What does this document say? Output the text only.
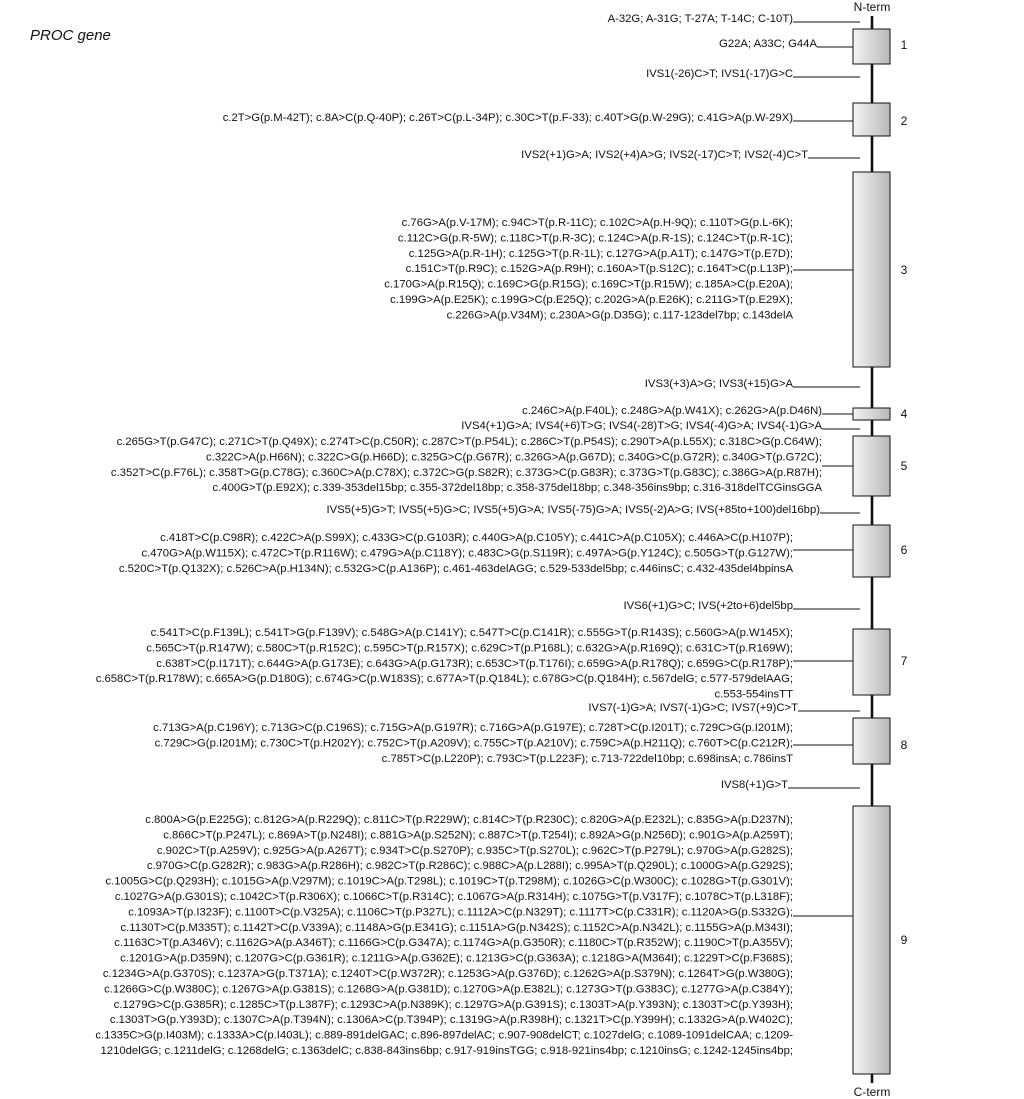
PROC gene
N-term
C-term
1
2
3
4
5
6
7
8
9
A-32G; A-31G; T-27A; T-14C; C-10T)
G22A; A33C; G44A
IVS1(-26)C>T; IVS1(-17)G>C
c.2T>G(p.M-42T); c.8A>C(p.Q-40P); c.26T>C(p.L-34P); c.30C>T(p.F-33); c.40T>G(p.W-29G); c.41G>A(p.W-29X)
IVS2(+1)G>A; IVS2(+4)A>G; IVS2(-17)C>T; IVS2(-4)C>T
c.76G>A(p.V-17M); c.94C>T(p.R-11C); c.102C>A(p.H-9Q); c.110T>G(p.L-6K);
c.112C>G(p.R-5W); c.118C>T(p.R-3C); c.124C>A(p.R-1S); c.124C>T(p.R-1C);
c.125G>A(p.R-1H); c.125G>T(p.R-1L); c.127G>A(p.A1T); c.147G>T(p.E7D);
c.151C>T(p.R9C); c.152G>A(p.R9H); c.160A>T(p.S12C); c.164T>C(p.L13P);
c.170G>A(p.R15Q); c.169C>G(p.R15G); c.169C>T(p.R15W); c.185A>C(p.E20A);
c.199G>A(p.E25K); c.199G>C(p.E25Q); c.202G>A(p.E26K); c.211G>T(p.E29X);
c.226G>A(p.V34M); c.230A>G(p.D35G); c.117-123del7bp; c.143delA
IVS3(+3)A>G; IVS3(+15)G>A
c.246C>A(p.F40L); c.248G>A(p.W41X); c.262G>A(p.D46N)
IVS4(+1)G>A; IVS4(+6)T>G; IVS4(-28)T>G; IVS4(-4)G>A; IVS4(-1)G>A
c.265G>T(p.G47C); c.271C>T(p.Q49X); c.274T>C(p.C50R); c.287C>T(p.P54L); c.286C>T(p.P54S); c.290T>A(p.L55X); c.318C>G(p.C64W);
c.322C>A(p.H66N); c.322C>G(p.H66D); c.325G>C(p.G67R); c.326G>A(p.G67D); c.340G>C(p.G72R); c.340G>T(p.G72C);
c.352T>C(p.F76L); c.358T>G(p.C78G); c.360C>A(p.C78X); c.372C>G(p.S82R); c.373G>C(p.G83R); c.373G>T(p.G83C); c.386G>A(p.R87H);
c.400G>T(p.E92X); c.339-353del15bp; c.355-372del18bp; c.358-375del18bp; c.348-356ins9bp; c.316-318delTCGinsGGA
IVS5(+5)G>T; IVS5(+5)G>C; IVS5(+5)G>A; IVS5(-75)G>A; IVS5(-2)A>G; IVS(+85to+100)del16bp)
c.418T>C(p.C98R); c.422C>A(p.S99X); c.433G>C(p.G103R); c.440G>A(p.C105Y); c.441C>A(p.C105X); c.446A>C(p.H107P);
c.470G>A(p.W115X); c.472C>T(p.R116W); c.479G>A(p.C118Y); c.483C>G(p.S119R); c.497A>G(p.Y124C); c.505G>T(p.G127W);
c.520C>T(p.Q132X); c.526C>A(p.H134N); c.532G>C(p.A136P); c.461-463delAGG; c.529-533del5bp; c.446insC; c.432-435del4bpinsA
IVS6(+1)G>C; IVS(+2to+6)del5bp
c.541T>C(p.F139L); c.541T>G(p.F139V); c.548G>A(p.C141Y); c.547T>C(p.C141R); c.555G>T(p.R143S); c.560G>A(p.W145X);
c.565C>T(p.R147W); c.580C>T(p.R152C); c.595C>T(p.R157X); c.629C>T(p.P168L); c.632G>A(p.R169Q); c.631C>T(p.R169W);
c.638T>C(p.I171T); c.644G>A(p.G173E); c.643G>A(p.G173R); c.653C>T(p.T176I); c.659G>A(p.R178Q); c.659G>C(p.R178P);
c.658C>T(p.R178W); c.665A>G(p.D180G); c.674G>C(p.W183S); c.677A>T(p.Q184L); c.678G>C(p.Q184H); c.567delG; c.577-579delAAG;
c.553-554insTT
IVS7(-1)G>A; IVS7(-1)G>C; IVS7(+9)C>T
c.713G>A(p.C196Y); c.713G>C(p.C196S); c.715G>A(p.G197R); c.716G>A(p.G197E); c.728T>C(p.I201T); c.729C>G(p.I201M);
c.729C>G(p.I201M); c.730C>T(p.H202Y); c.752C>T(p.A209V); c.755C>T(p.A210V); c.759C>A(p.H211Q); c.760T>C(p.C212R);
c.785T>C(p.L220P); c.793C>T(p.L223F); c.713-722del10bp; c.698insA; c.786insT
IVS8(+1)G>T
c.800A>G(p.E225G); c.812G>A(p.R229Q); c.811C>T(p.R229W); c.814C>T(p.R230C); c.820G>A(p.E232L); c.835G>A(p.D237N);
c.866C>T(p.P247L); c.869A>T(p.N248I); c.881G>A(p.S252N); c.887C>T(p.T254I); c.892A>G(p.N256D); c.901G>A(p.A259T);
c.902C>T(p.A259V); c.925G>A(p.A267T); c.934T>C(p.S270P); c.935C>T(p.S270L); c.962C>T(p.P279L); c.970G>A(p.G282S);
c.970G>C(p.G282R); c.983G>A(p.R286H); c.982C>T(p.R286C); c.988C>A(p.L288I); c.995A>T(p.Q290L); c.1000G>A(p.G292S);
c.1005G>C(p.Q293H); c.1015G>A(p.V297M); c.1019C>A(p.T298L); c.1019C>T(p.T298M); c.1026G>C(p.W300C); c.1028G>T(p.G301V);
c.1027G>A(p.G301S); c.1042C>T(p.R306X); c.1066C>T(p.R314C); c.1067G>A(p.R314H); c.1075G>T(p.V317F); c.1078C>T(p.L318F);
c.1093A>T(p.I323F); c.1100T>C(p.V325A); c.1106C>T(p.P327L); c.1112A>C(p.N329T); c.1117T>C(p.C331R); c.1120A>G(p.S332G);
c.1130T>C(p.M335T); c.1142T>C(p.V339A); c.1148A>G(p.E341G); c.1151A>G(p.N342S); c.1152C>A(p.N342L); c.1155G>A(p.M343I);
c.1163C>T(p.A346V); c.1162G>A(p.A346T); c.1166G>C(p.G347A); c.1174G>A(p.G350R); c.1180C>T(p.R352W); c.1190C>T(p.A355V);
c.1201G>A(p.D359N); c.1207G>C(p.G361R); c.1211G>A(p.G362E); c.1213G>C(p.G363A); c.1218G>A(M364I); c.1229T>C(p.F368S);
c.1234G>A(p.G370S); c.1237A>G(p.T371A); c.1240T>C(p.W372R); c.1253G>A(p.G376D); c.1262G>A(p.S379N); c.1264T>G(p.W380G);
c.1266G>C(p.W380C); c.1267G>A(p.G381S); c.1268G>A(p.G381D); c.1270G>A(p.E382L); c.1273G>T(p.G383C); c.1277G>A(p.C384Y);
c.1279G>C(p.G385R); c.1285C>T(p.L387F); c.1293C>A(p.N389K); c.1297G>A(p.G391S); c.1303T>A(p.Y393N); c.1303T>C(p.Y393H);
c.1303T>G(p.Y393D); c.1307C>A(p.T394N); c.1306A>C(p.T394P); c.1319G>A(p.R398H); c.1321T>C(p.Y399H); c.1332G>A(p.W402C);
c.1335C>G(p.I403M); c.1333A>C(p.I403L); c.889-891delGAC; c.896-897delAC; c.907-908delCT; c.1027delG; c.1089-1091delCAA; c.1209-
1210delGG; c.1211delG; c.1268delG; c.1363delC; c.838-843ins6bp; c.917-919insTGG; c.918-921ins4bp; c.1210insG; c.1242-1245ins4bp;
